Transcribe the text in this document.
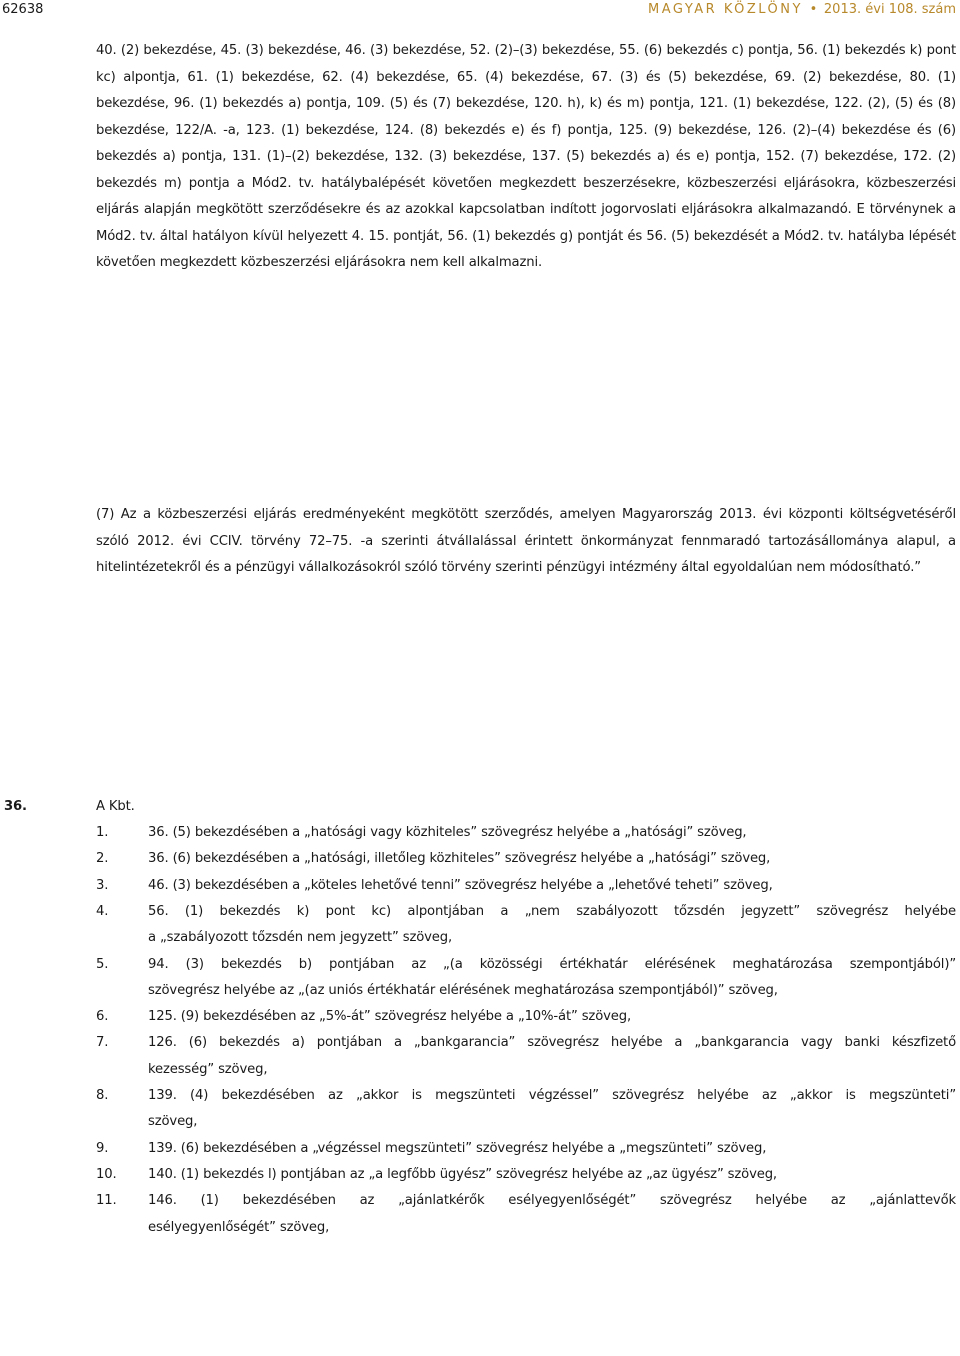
62638	MAGYAR KÖZLÖNY • 2013. évi 108. szám

40. (2) bekezdése, 45. (3) bekezdése, 46. (3) bekezdése, 52. (2)–(3) bekezdése, 55. (6) bekezdés c) pontja, 56. (1) bekezdés k) pont kc) alpontja, 61. (1) bekezdése, 62. (4) bekezdése, 65. (4) bekezdése, 67. (3) és (5) bekezdése, 69. (2) bekezdése, 80. (1) bekezdése, 96. (1) bekezdés a) pontja, 109. (5) és (7) bekezdése, 120. h), k) és m) pontja, 121. (1) bekezdése, 122. (2), (5) és (8) bekezdése, 122/A. -a, 123. (1) bekezdése, 124. (8) bekezdés e) és f) pontja, 125. (9) bekezdése, 126. (2)–(4) bekezdése és (6) bekezdés a) pontja, 131. (1)–(2) bekezdése, 132. (3) bekezdése, 137. (5) bekezdés a) és e) pontja, 152. (7) bekezdése, 172. (2) bekezdés m) pontja a Mód2. tv. hatálybalépését követően megkezdett beszerzésekre, közbeszerzési eljárásokra, közbeszerzési eljárás alapján megkötött szerződésekre és az azokkal kapcsolatban indított jogorvoslati eljárásokra alkalmazandó. E törvénynek a Mód2. tv. által hatályon kívül helyezett 4. 15. pontját, 56. (1) bekezdés g) pontját és 56. (5) bekezdését a Mód2. tv. hatályba lépését követően megkezdett közbeszerzési eljárásokra nem kell alkalmazni.

(7) Az a közbeszerzési eljárás eredményeként megkötött szerződés, amelyen Magyarország 2013. évi központi költségvetéséről szóló 2012. évi CCIV. törvény 72–75. -a szerinti átvállalással érintett önkormányzat fennmaradó tartozásállománya alapul, a hitelintézetekről és a pénzügyi vállalkozásokról szóló törvény szerinti pénzügyi intézmény által egyoldalúan nem módosítható.”

36.	A Kbt.
1.	36. (5) bekezdésében a „hatósági vagy közhiteles” szövegrész helyébe a „hatósági” szöveg,
2.	36. (6) bekezdésében a „hatósági, illetőleg közhiteles” szövegrész helyébe a „hatósági” szöveg,
3.	46. (3) bekezdésében a „köteles lehetővé tenni” szövegrész helyébe a „lehetővé teheti” szöveg,
4.	56. (1) bekezdés k) pont kc) alpontjában a „nem szabályozott tőzsdén jegyzett” szövegrész helyébe
a „szabályozott tőzsdén nem jegyzett” szöveg,
5.	94. (3) bekezdés b) pontjában az „(a közösségi értékhatár elérésének meghatározása szempontjából)”
szövegrész helyébe az „(az uniós értékhatár elérésének meghatározása szempontjából)” szöveg,
6.	125. (9) bekezdésében az „5%-át” szövegrész helyébe a „10%-át” szöveg,
7.	126. (6) bekezdés a) pontjában a „bankgarancia” szövegrész helyébe a „bankgarancia vagy banki készfizető
kezesség” szöveg,
8.	139. (4) bekezdésében az „akkor is megszünteti végzéssel” szövegrész helyébe az „akkor is megszünteti”
szöveg,
9.	139. (6) bekezdésében a „végzéssel megszünteti” szövegrész helyébe a „megszünteti” szöveg,
10. 140. (1) bekezdés l) pontjában az „a legfőbb ügyész” szövegrész helyébe az „az ügyész” szöveg,
11. 146. (1) bekezdésében az „ajánlatkérők esélyegyenlőségét” szövegrész helyébe az „ajánlattevők
esélyegyenlőségét” szöveg,
